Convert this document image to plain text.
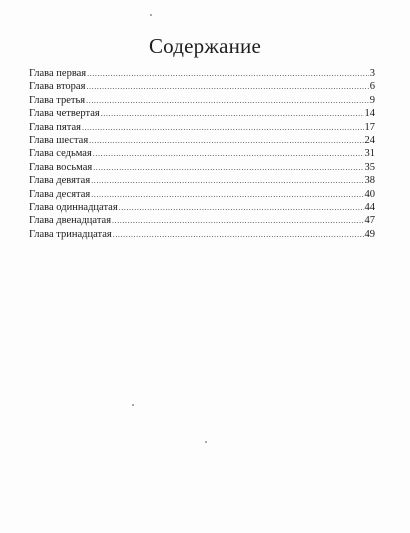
Содержание
Глава первая .....	3
Глава вторая .....	6
Глава третья .....	9
Глава четвертая .....	14
Глава пятая .....	17
Глава шестая .....	24
Глава седьмая .....	31
Глава восьмая .....	35
Глава девятая .....	38
Глава десятая .....	40
Глава одиннадцатая .....	44
Глава двенадцатая .....	47
Глава тринадцатая .....	49
